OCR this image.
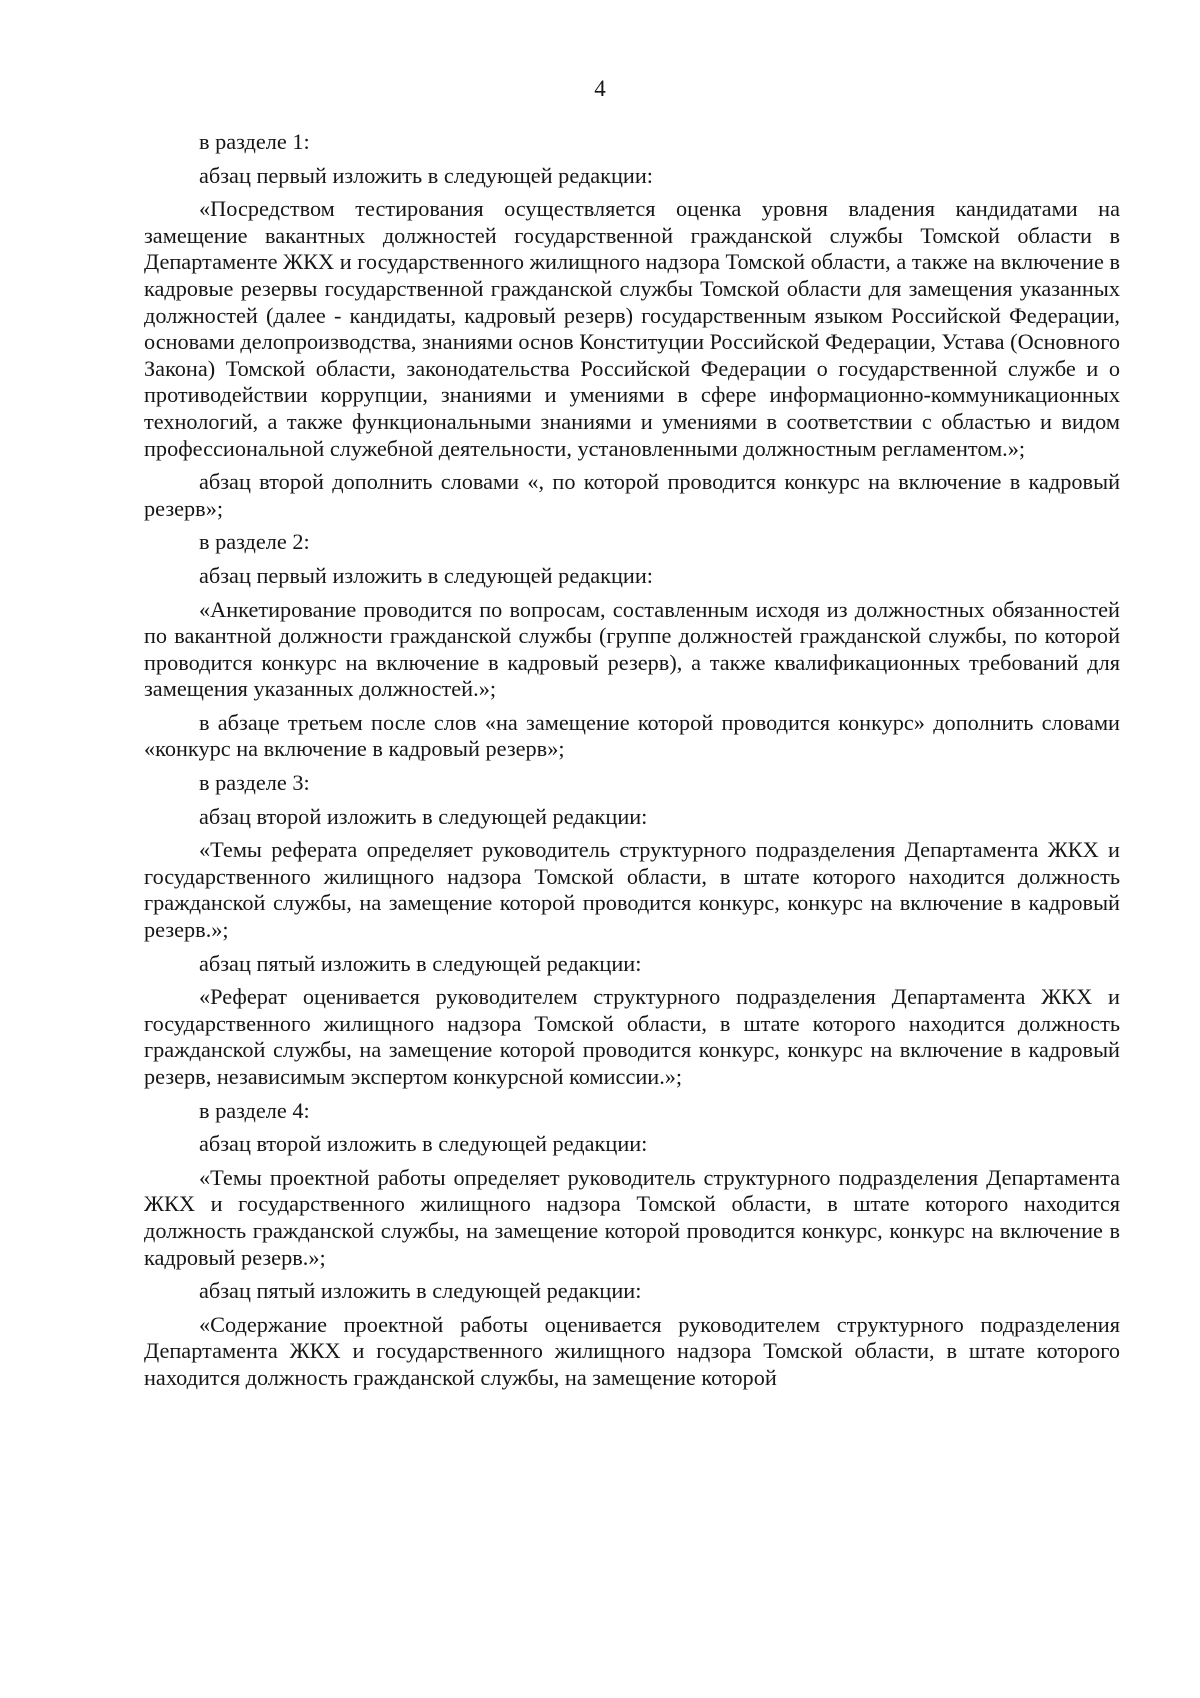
4

в разделе 1:

абзац первый изложить в следующей редакции:

«Посредством тестирования осуществляется оценка уровня владения кандидатами на замещение вакантных должностей государственной гражданской службы Томской области в Департаменте ЖКХ и государственного жилищного надзора Томской области, а также на включение в кадровые резервы государственной гражданской службы Томской области для замещения указанных должностей (далее - кандидаты, кадровый резерв) государственным языком Российской Федерации, основами делопроизводства, знаниями основ Конституции Российской Федерации, Устава (Основного Закона) Томской области, законодательства Российской Федерации о государственной службе и о противодействии коррупции, знаниями и умениями в сфере информационно-коммуникационных технологий, а также функциональными знаниями и умениями в соответствии с областью и видом профессиональной служебной деятельности, установленными должностным регламентом.»;

абзац второй дополнить словами «, по которой проводится конкурс на включение в кадровый резерв»;

в разделе 2:

абзац первый изложить в следующей редакции:

«Анкетирование проводится по вопросам, составленным исходя из должностных обязанностей по вакантной должности гражданской службы (группе должностей гражданской службы, по которой проводится конкурс на включение в кадровый резерв), а также квалификационных требований для замещения указанных должностей.»;

в абзаце третьем после слов «на замещение которой проводится конкурс» дополнить словами «конкурс на включение в кадровый резерв»;

в разделе 3:

абзац второй изложить в следующей редакции:

«Темы реферата определяет руководитель структурного подразделения Департамента ЖКХ и государственного жилищного надзора Томской области, в штате которого находится должность гражданской службы, на замещение которой проводится конкурс, конкурс на включение в кадровый резерв.»;

абзац пятый изложить в следующей редакции:

«Реферат оценивается руководителем структурного подразделения Департамента ЖКХ и государственного жилищного надзора Томской области, в штате которого находится должность гражданской службы, на замещение которой проводится конкурс, конкурс на включение в кадровый резерв, независимым экспертом конкурсной комиссии.»;

в разделе 4:

абзац второй изложить в следующей редакции:

«Темы проектной работы определяет руководитель структурного подразделения Департамента ЖКХ и государственного жилищного надзора Томской области, в штате которого находится должность гражданской службы, на замещение которой проводится конкурс, конкурс на включение в кадровый резерв.»;

абзац пятый изложить в следующей редакции:

«Содержание проектной работы оценивается руководителем структурного подразделения Департамента ЖКХ и государственного жилищного надзора Томской области, в штате которого находится должность гражданской службы, на замещение которой
